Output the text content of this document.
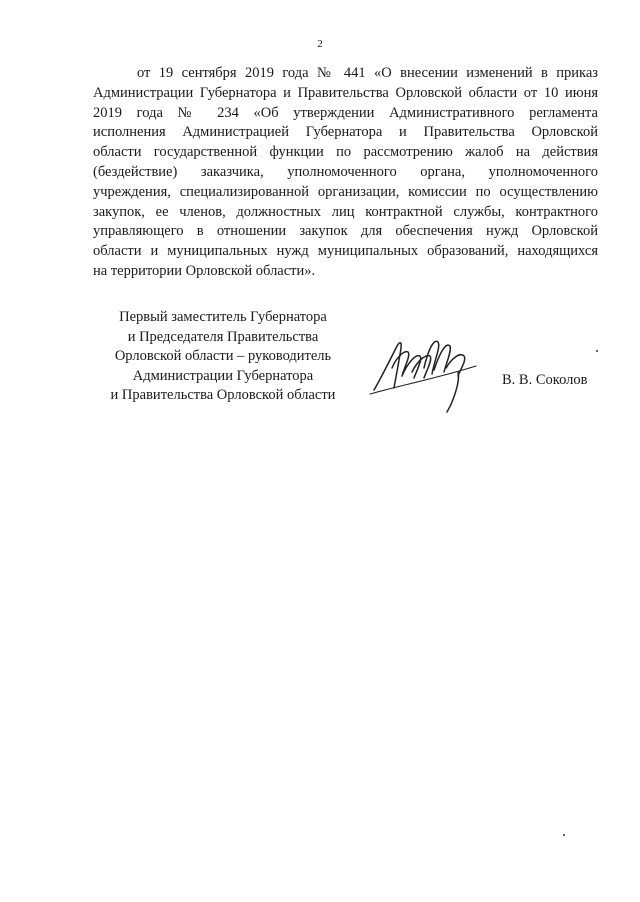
2
от 19 сентября 2019 года № 441 «О внесении изменений в приказ
Администрации Губернатора и Правительства Орловской области от 10 июня
2019 года № 234 «Об утверждении Административного регламента
исполнения Администрацией Губернатора и Правительства Орловской
области государственной функции по рассмотрению жалоб на действия
(бездействие) заказчика, уполномоченного органа, уполномоченного
учреждения, специализированной организации, комиссии по осуществлению
закупок, ее членов, должностных лиц контрактной службы, контрактного
управляющего в отношении закупок для обеспечения нужд Орловской
области и муниципальных нужд муниципальных образований, находящихся
на территории Орловской области».
Первый заместитель Губернатора
и Председателя Правительства
Орловской области – руководитель
Администрации Губернатора
и Правительства Орловской области
В. В. Соколов
